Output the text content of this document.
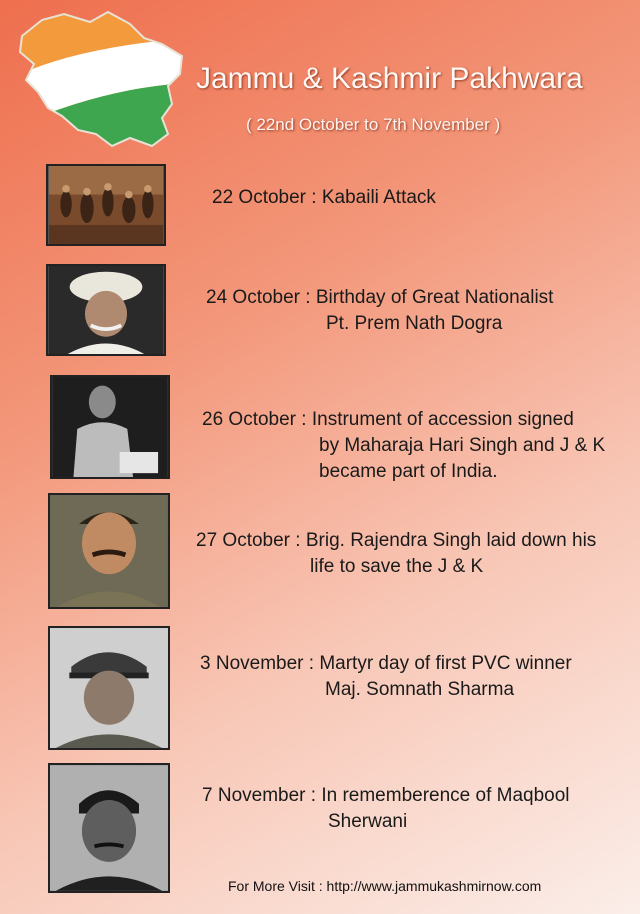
Jammu & Kashmir Pakhwara
( 22nd October to 7th November )
22 October : Kabaili Attack
24 October : Birthday of Great Nationalist
Pt. Prem Nath Dogra
26 October : Instrument of accession signed
by Maharaja Hari Singh and J & K
became part of India.
27 October : Brig. Rajendra Singh laid down his
life to save the J & K
3 November : Martyr day of first PVC winner
Maj. Somnath Sharma
7 November : In rememberence of Maqbool
Sherwani
For More Visit : http://www.jammukashmirnow.com
